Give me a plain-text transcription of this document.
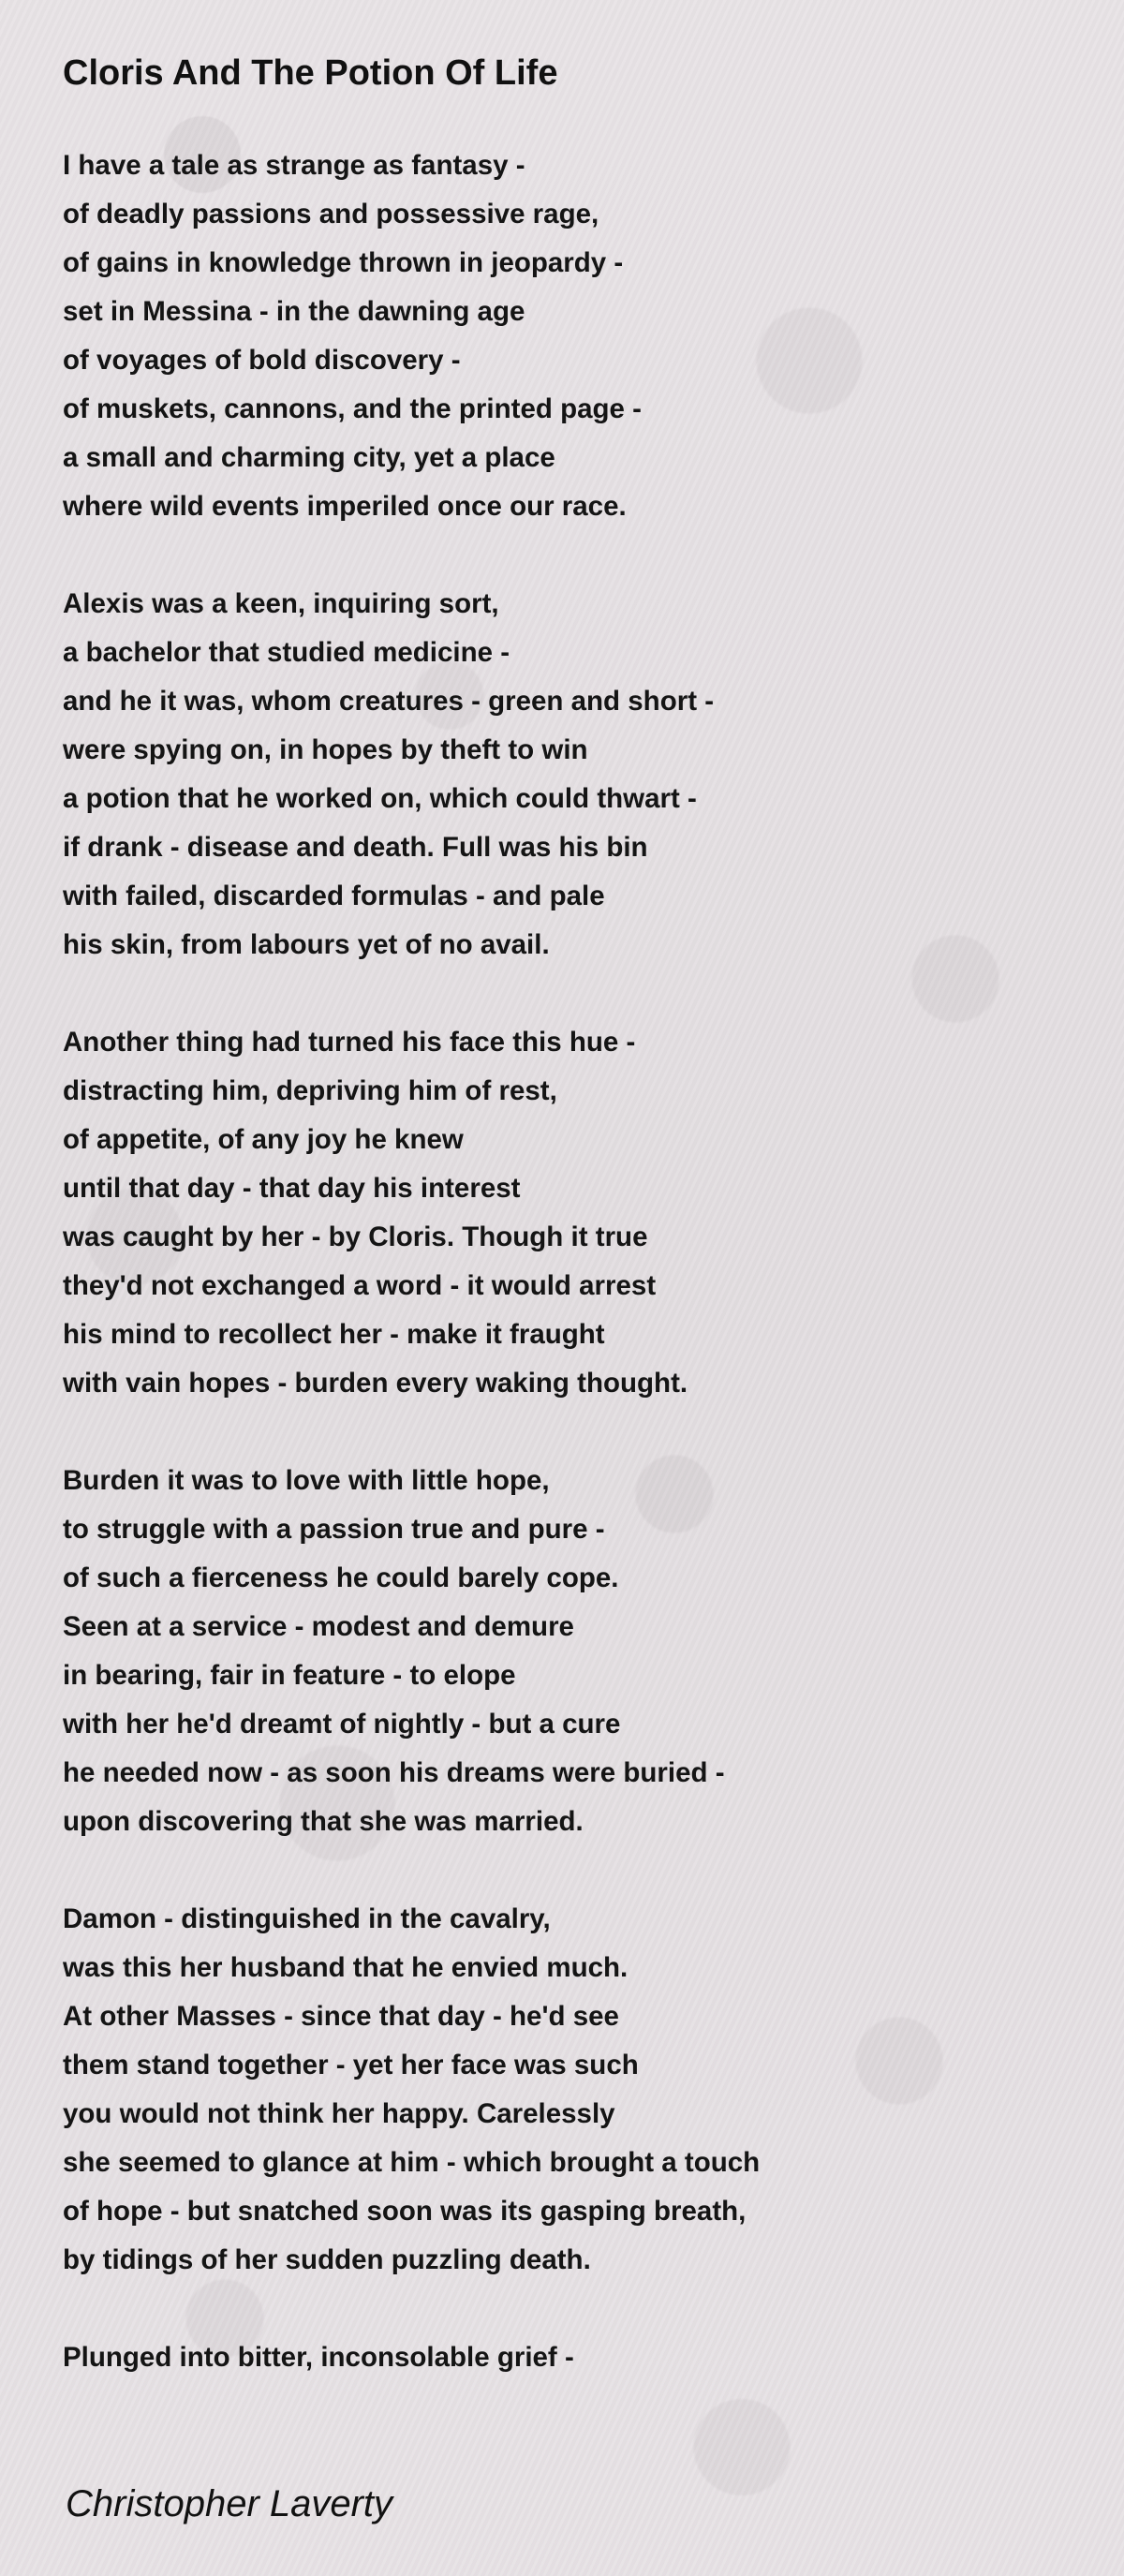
Cloris And The Potion Of Life
I have a tale as strange as fantasy -
of deadly passions and possessive rage,
of gains in knowledge thrown in jeopardy -
set in Messina - in the dawning age
of voyages of bold discovery -
of muskets, cannons, and the printed page -
a small and charming city, yet a place
where wild events imperiled once our race.
Alexis was a keen, inquiring sort,
a bachelor that studied medicine -
and he it was, whom creatures - green and short -
were spying on, in hopes by theft to win
a potion that he worked on, which could thwart -
if drank - disease and death. Full was his bin
with failed, discarded formulas - and pale
his skin, from labours yet of no avail.
Another thing had turned his face this hue -
distracting him, depriving him of rest,
of appetite, of any joy he knew
until that day - that day his interest
was caught by her - by Cloris. Though it true
they'd not exchanged a word - it would arrest
his mind to recollect her - make it fraught
with vain hopes - burden every waking thought.
Burden it was to love with little hope,
to struggle with a passion true and pure -
of such a fierceness he could barely cope.
Seen at a service - modest and demure
in bearing, fair in feature - to elope
with her he'd dreamt of nightly - but a cure
he needed now - as soon his dreams were buried -
upon discovering that she was married.
Damon - distinguished in the cavalry,
was this her husband that he envied much.
At other Masses - since that day - he'd see
them stand together - yet her face was such
you would not think her happy. Carelessly
she seemed to glance at him - which brought a touch
of hope - but snatched soon was its gasping breath,
by tidings of her sudden puzzling death.
Plunged into bitter, inconsolable grief -
Christopher Laverty
